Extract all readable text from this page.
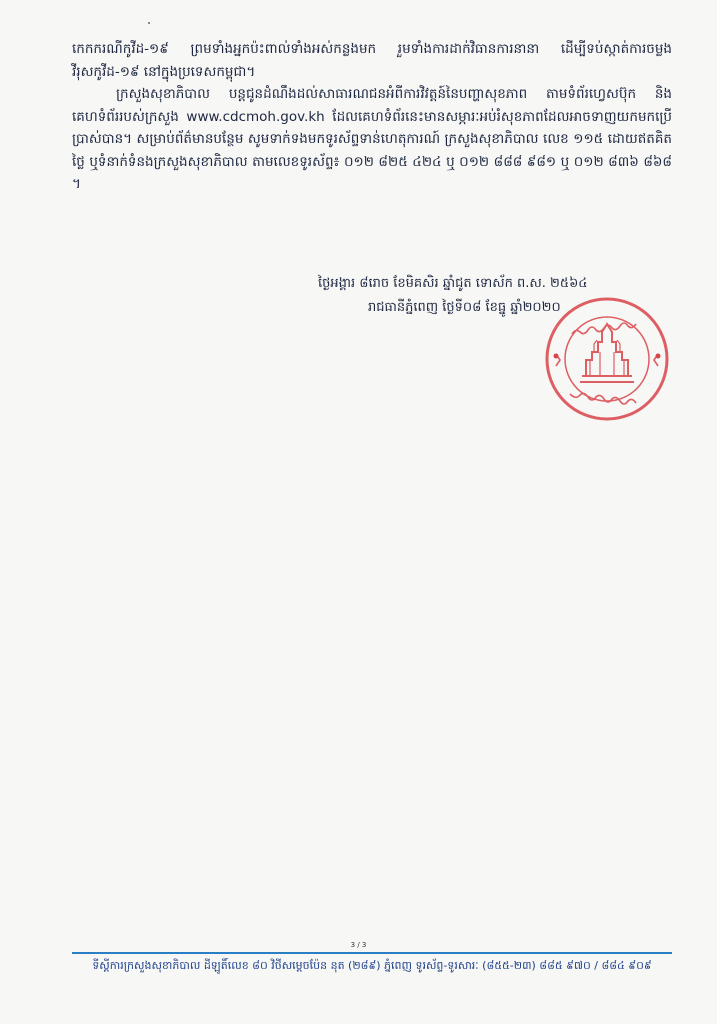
កេកករណីកូវីដ-១៩ ព្រមទាំងអ្នកប៉ះពាល់ទាំងអស់កន្លងមក រួមទាំងការដាក់វិធានការនានា ដើម្បីទប់ស្កាត់ការចម្លងវីរុសកូវីដ-១៩ នៅក្នុងប្រទេសកម្ពុជា។

ក្រសួងសុខាភិបាល បន្តជូនដំណឹងដល់សាធារណជនអំពីការវិវត្តន៍នៃបញ្ហាសុខភាព តាមទំព័រហ្វេសប៊ុក និងគេហទំព័ររបស់ក្រសួង www.cdcmoh.gov.kh ដែលគេហទំព័រនេះមានសម្ភារៈអប់រំសុខភាពដែលអាចទាញយកមកប្រើប្រាស់បាន។ សម្រាប់ព័ត៌មានបន្ថែម សូមទាក់ទងមកទូរស័ព្ទទាន់ហេតុការណ៍ ក្រសួងសុខាភិបាល លេខ ១១៥ ដោយឥតគិតថ្លៃ ឬទំនាក់ទំនងក្រសួងសុខាភិបាល តាមលេខទូរស័ព្ទ៖ ០១២ ៨២៥ ៤២៤ ឬ ០១២ ៨៨៨ ៩៨១ ឬ ០១២ ៨៣៦ ៨៦៨ ។

ថ្ងៃអង្គារ ៨រោច ខែមិគសិរ ឆ្នាំជូត ទោស័ក ព.ស. ២៥៦៤
រាជធានីភ្នំពេញ ថ្ងៃទី០៨ ខែធ្នូ ឆ្នាំ២០២០
3 / 3
ទីស្តីការក្រសួងសុខាភិបាល ដីឡូតិ៍លេខ ៨០ វិថីសម្តេចប៉ែន នុត (២៨៩) ភ្នំពេញ ទូរស័ព្ទ-ទូរសារៈ (៨៥៥-២៣) ៨៨៥ ៩៧០ / ៨៨៤ ៩០៩
